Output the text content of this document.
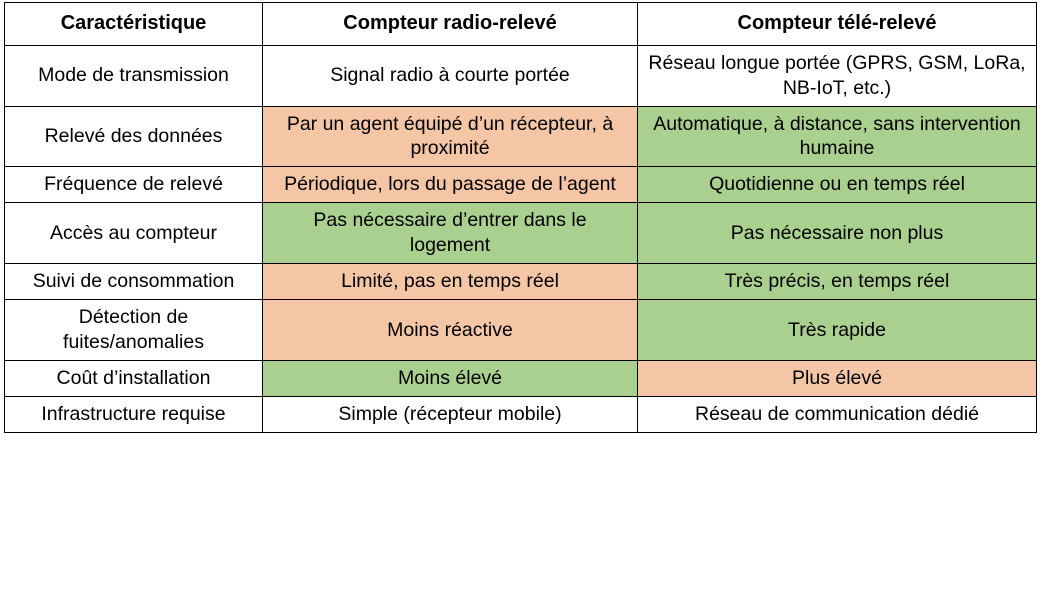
Caractéristique	Compteur radio-relevé	Compteur télé-relevé
Mode de transmission	Signal radio à courte portée	Réseau longue portée (GPRS, GSM, LoRa, NB-IoT, etc.)
Relevé des données	Par un agent équipé d’un récepteur, à proximité	Automatique, à distance, sans intervention humaine
Fréquence de relevé	Périodique, lors du passage de l’agent	Quotidienne ou en temps réel
Accès au compteur	Pas nécessaire d’entrer dans le logement	Pas nécessaire non plus
Suivi de consommation	Limité, pas en temps réel	Très précis, en temps réel
Détection de fuites/anomalies	Moins réactive	Très rapide
Coût d’installation	Moins élevé	Plus élevé
Infrastructure requise	Simple (récepteur mobile)	Réseau de communication dédié
